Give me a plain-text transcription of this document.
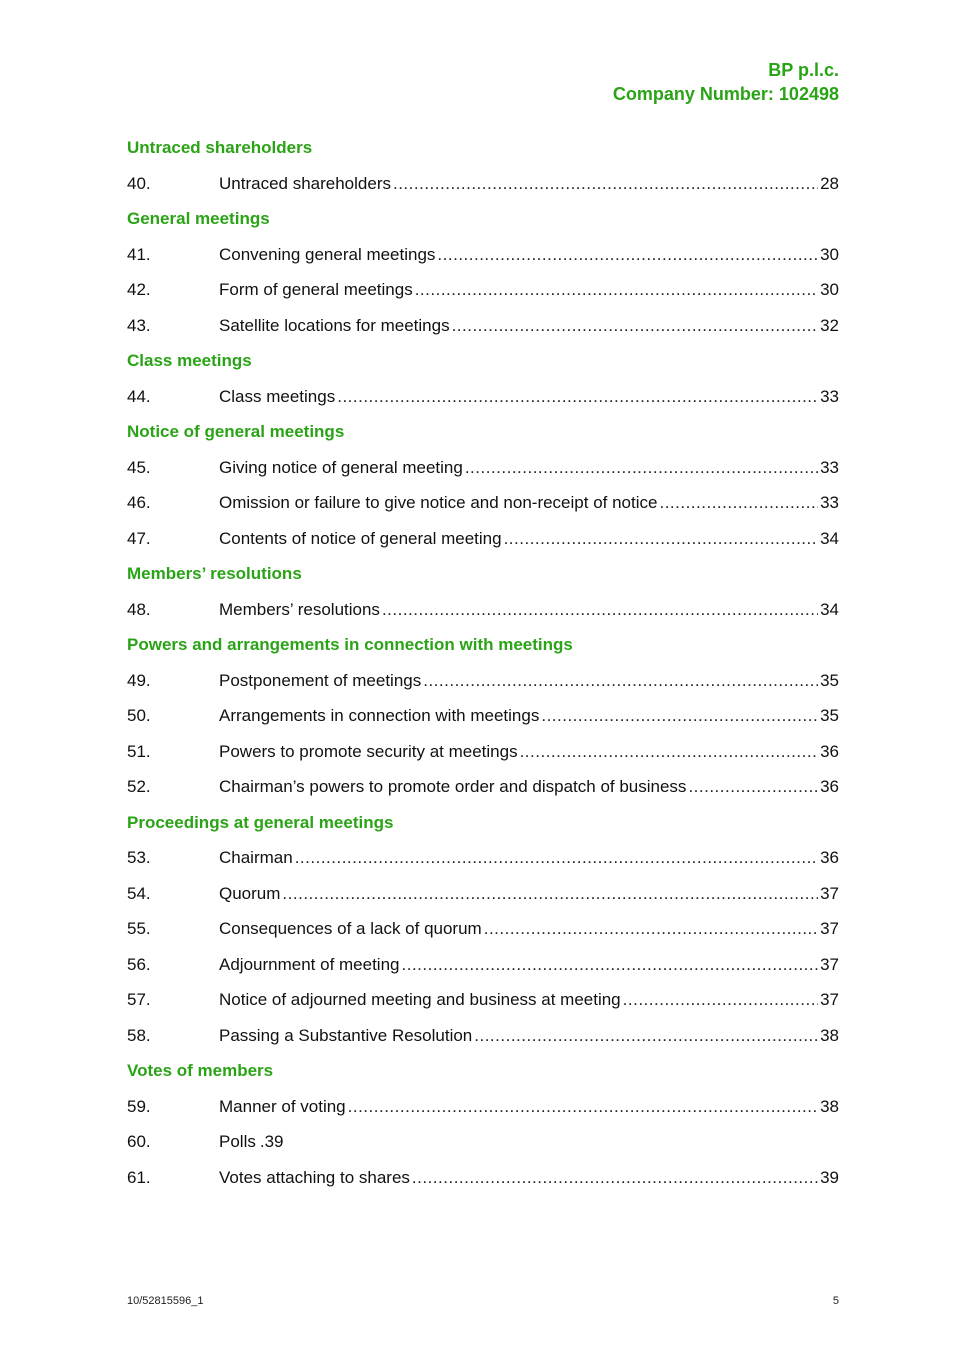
BP p.l.c.
Company Number: 102498
Untraced shareholders
40.	Untraced shareholders .....	28
General meetings
41.	Convening general meetings .....	30
42.	Form of general meetings .....	30
43.	Satellite locations for meetings .....	32
Class meetings
44.	Class meetings .....	33
Notice of general meetings
45.	Giving notice of general meeting .....	33
46.	Omission or failure to give notice and non-receipt of notice .....	33
47.	Contents of notice of general meeting .....	34
Members’ resolutions
48.	Members’ resolutions .....	34
Powers and arrangements in connection with meetings
49.	Postponement of meetings .....	35
50.	Arrangements in connection with meetings .....	35
51.	Powers to promote security at meetings .....	36
52.	Chairman’s powers to promote order and dispatch of business .....	36
Proceedings at general meetings
53.	Chairman .....	36
54.	Quorum .....	37
55.	Consequences of a lack of quorum .....	37
56.	Adjournment of meeting .....	37
57.	Notice of adjourned meeting and business at meeting .....	37
58.	Passing a Substantive Resolution .....	38
Votes of members
59.	Manner of voting .....	38
60.	Polls .39
61.	Votes attaching to shares .....	39
10/52815596_1	5
